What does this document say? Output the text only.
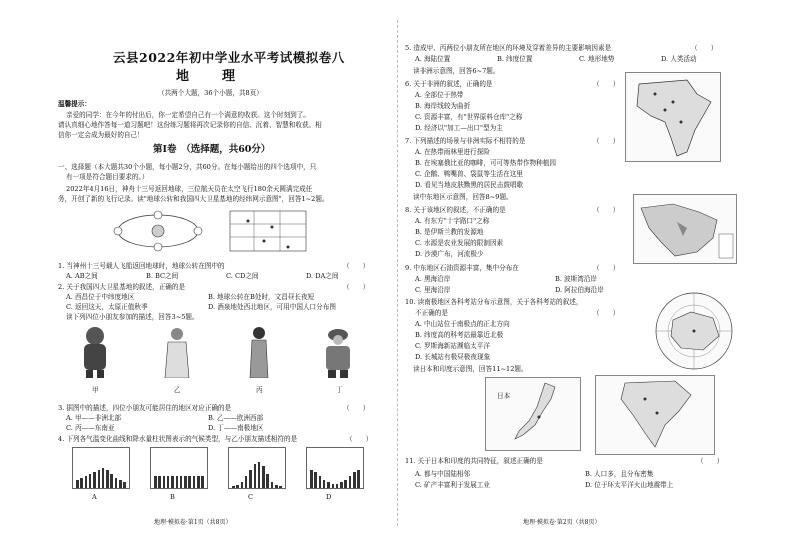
云县2022年初中学业水平考试模拟卷八
地　理
（共两个大题，36个小题，共8页）
温馨提示：
亲爱的同学：在今年的付出后，你一定希望自己有一个满意的收获。这个时刻到了。
请认真细心地作答每一道习题吧！这份练习题将再次记录你的自信、沉着、智慧和收获。相
信你一定会成为最好的自己！
第Ⅰ卷　（选择题，共60分）
一、选择题（本大题共30个小题，每小题2分，共60分。在每小题给出的四个选项中，只
有一项是符合题目要求的。）
2022年4月16日，神舟十三号返回地球，三位航天员在太空飞行180余天圆满完成任
务，开创了新的飞行记录。读"地球公转和我国四大卫星基地的经纬网示意图"，回答1~2题。
1. 当神州十三号载人飞船返回地球时，地球公转在图中的	（　　）
A. AB之间	B. BC之间	C. CD之间	D. DA之间
2. 关于我国四大卫星基地的叙述，正确的是	（　　）
A. 西昌位于中纬度地区	B. 地球公转在B处时，文昌昼长夜短
C. 返回这天，太原正值秋季	D. 酒泉地处西北地区，可用中国人口分布图
读下列四位小朋友参加的描述，回答3~5题。
甲	乙	丙	丁
3. 据图中的描述，四位小朋友可能居住的地区对应正确的是	（　　）
A. 甲——非洲北部	B. 乙——欧洲西部
C. 丙——东南亚	D. 丁——南极地区
4. 下列各气温变化曲线和降水量柱状图表示的气候类型，与乙小朋友描述相符的是	（　　）
A	B	C	D
地理·模拟卷·第1页（共8页）
5. 造成甲、丙两位小朋友所在地区的环境及穿着差异的主要影响因素是	（　　）
A. 海陆位置	B. 纬度位置	C. 地形地势	D. 人类活动
读非洲示意图，回答6~7题。
6. 关于非洲的叙述，正确的是	（　　）
A. 全部位于热带
B. 海岸线较为曲折
C. 资源丰富，有"世界原料仓库"之称
D. 经济以"加工—出口"型为主
7. 下列描述的场景与非洲实际不相符的是	（　　）
A. 在热带雨林里进行探险
B. 在埃塞俄比亚的咖啡，可可等热带作物种植园
C. 企鹅、鸭嘴兽、袋鼠等生活在这里
D. 看见当地皮肤黝黑的居民击鼓唱歌
读中东地区示意图，回答8~9题。
8. 关于该地区的叙述，不正确的是	（　　）
A. 有东方"十字路口"之称
B. 是伊斯兰教的发源地
C. 水源是农业发展的限制因素
D. 沙漠广布，河流极少
9. 中东地区石油资源丰富，集中分布在	（　　）
A. 黑海沿岸	B. 波斯湾沿岸
C. 里海沿岸	D. 阿拉伯海沿岸
10. 读南极地区各科考站分布示意图，关于各科考站的叙述，
不正确的是	（　　）
A. 中山站位于南极点的正北方向
B. 纬度高的科考站最靠近北极
C. 罗斯海新站濒临太平洋
D. 长城站有极昼极夜现象
读日本和印度示意图，回答11~12题。
日本
11. 关于日本和印度的共同特征，叙述正确的是	（　　）
A. 都与中国陆相邻	B. 人口多，且分布密集
C. 矿产丰富利于发展工业	D. 位于环太平洋火山地震带上
地理·模拟卷·第2页（共8页）
